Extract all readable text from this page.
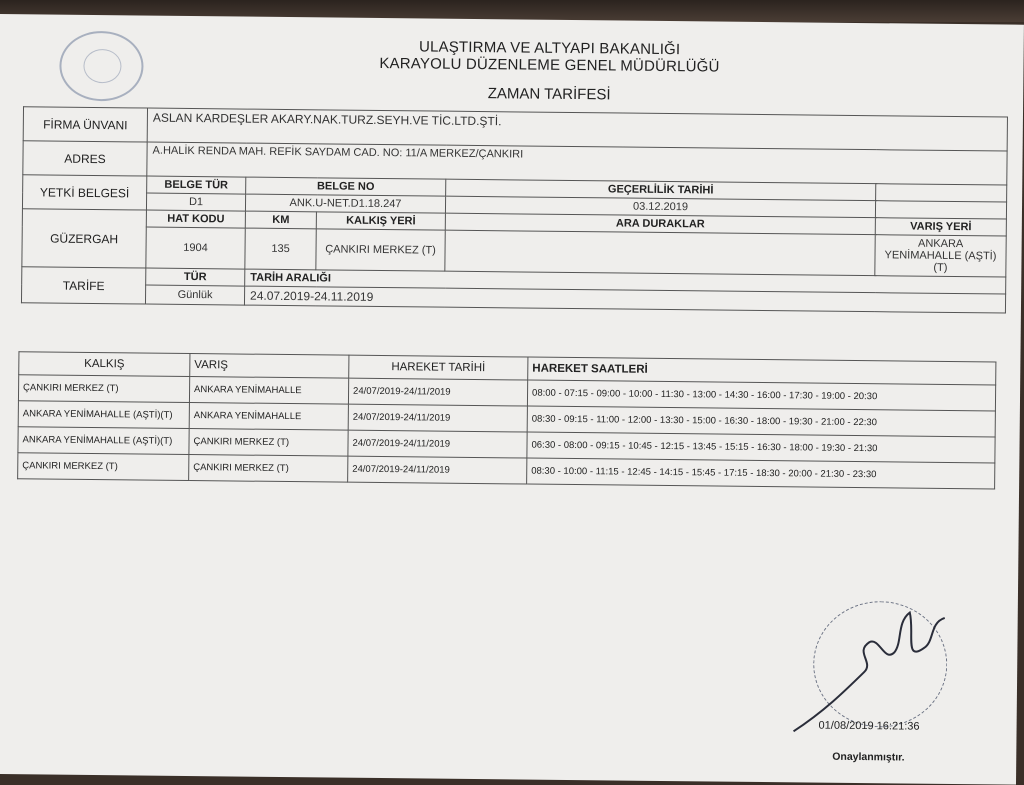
ULAŞTIRMA VE ALTYAPI BAKANLIĞI
KARAYOLU DÜZENLEME GENEL MÜDÜRLÜĞÜ
ZAMAN TARİFESİ
FİRMA ÜNVANI	ASLAN KARDEŞLER AKARY.NAK.TURZ.SEYH.VE TİC.LTD.ŞTİ.				
ADRES	A.HALİK RENDA MAH. REFİK SAYDAM CAD. NO: 11/A MERKEZ/ÇANKIRI				
YETKİ BELGESİ	BELGE TÜR	BELGE NO		GEÇERLİLİK TARİHİ	
	D1	ANK.U-NET.D1.18.247		03.12.2019	
GÜZERGAH	HAT KODU	KM	KALKIŞ YERİ	ARA DURAKLAR	VARIŞ YERİ
	1904	135	ÇANKIRI MERKEZ (T)		ANKARA YENİMAHALLE (AŞTİ)(T)
TARİFE	TÜR	TARİH ARALIĞI			
	Günlük	24.07.2019-24.11.2019			
KALKIŞ	VARIŞ	HAREKET TARİHİ	HAREKET SAATLERİ
ÇANKIRI MERKEZ (T)	ANKARA YENİMAHALLE	24/07/2019-24/11/2019	08:00 - 07:15 - 09:00 - 10:00 - 11:30 - 13:00 - 14:30 - 16:00 - 17:30 - 19:00 - 20:30
ANKARA YENİMAHALLE (AŞTİ)(T)	ANKARA YENİMAHALLE	24/07/2019-24/11/2019	08:30 - 09:15 - 11:00 - 12:00 - 13:30 - 15:00 - 16:30 - 18:00 - 19:30 - 21:00 - 22:30
ANKARA YENİMAHALLE (AŞTİ)(T)	ÇANKIRI MERKEZ (T)	24/07/2019-24/11/2019	06:30 - 08:00 - 09:15 - 10:45 - 12:15 - 13:45 - 15:15 - 16:30 - 18:00 - 19:30 - 21:30
ÇANKIRI MERKEZ (T)	ÇANKIRI MERKEZ (T)	24/07/2019-24/11/2019	08:30 - 10:00 - 11:15 - 12:45 - 14:15 - 15:45 - 17:15 - 18:30 - 20:00 - 21:30 - 23:30
01/08/2019 16:21:36
Onaylanmıştır.
